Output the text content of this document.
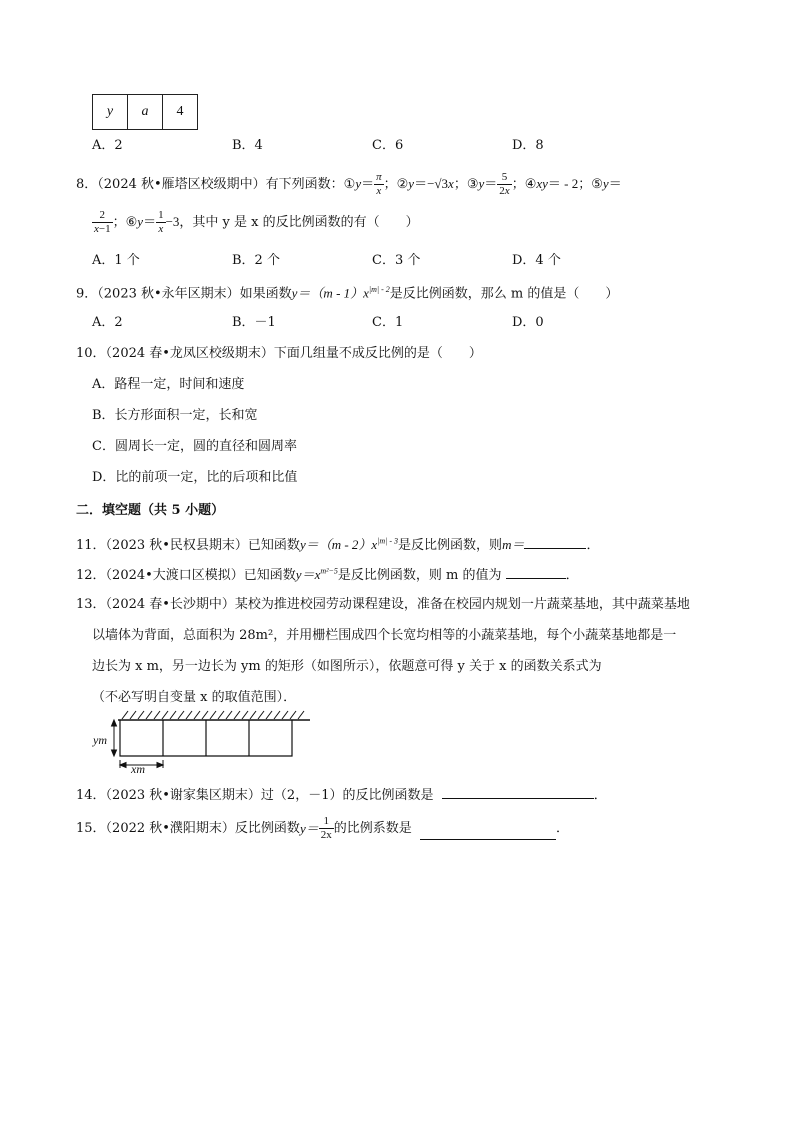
y	a	4
A．2	B．4	C．6	D．8
8．（2024 秋•雁塔区校级期中）有下列函数： ①y＝ $\frac{\pi}{x}$ ； ②y＝−√3x ； ③y＝ $\frac{5}{2x}$ ； ④xy＝ - 2 ； ⑤y＝
$\frac{2}{x-1}$ ； ⑥y＝ $\frac{1}{x} -3$ ，其中 y 是 x 的反比例函数的有（　　）
A．1 个	B．2 个	C．3 个	D．4 个
9．（2023 秋•永年区期末）如果函数$y=(m - 1)x^{|m| - 2}$是反比例函数，那么 m 的值是（　　）
A．2	B．－1	C．1	D．0
10．（2024 春•龙凤区校级期末）下面几组量不成反比例的是（　　）
A．路程一定，时间和速度
B．长方形面积一定，长和宽
C．圆周长一定，圆的直径和圆周率
D．比的前项一定，比的后项和比值
二．填空题（共 5 小题）
11．（2023 秋•民权县期末）已知函数$y=(m - 2)x^{|m| - 3}$是反比例函数，则m＝	．
12．（2024•大渡口区模拟）已知函数$y=x^{m^2-5}$是反比例函数，则 m 的值为	．
13．（2024 春•长沙期中）某校为推进校园劳动课程建设，准备在校园内规划一片蔬菜基地，其中蔬菜基地
以墙体为背面，总面积为 28m²，并用栅栏围成四个长宽均相等的小蔬菜基地，每个小蔬菜基地都是一
边长为 x m，另一边长为 ym 的矩形（如图所示），依题意可得 y 关于 x 的函数关系式为
（不必写明自变量 x 的取值范围）．
ym
xm
14．（2023 秋•谢家集区期末）过（2，－1）的反比例函数是	．
15．（2022 秋•濮阳期末）反比例函数 $y= \frac{1}{2x}$ 的比例系数是
	．
